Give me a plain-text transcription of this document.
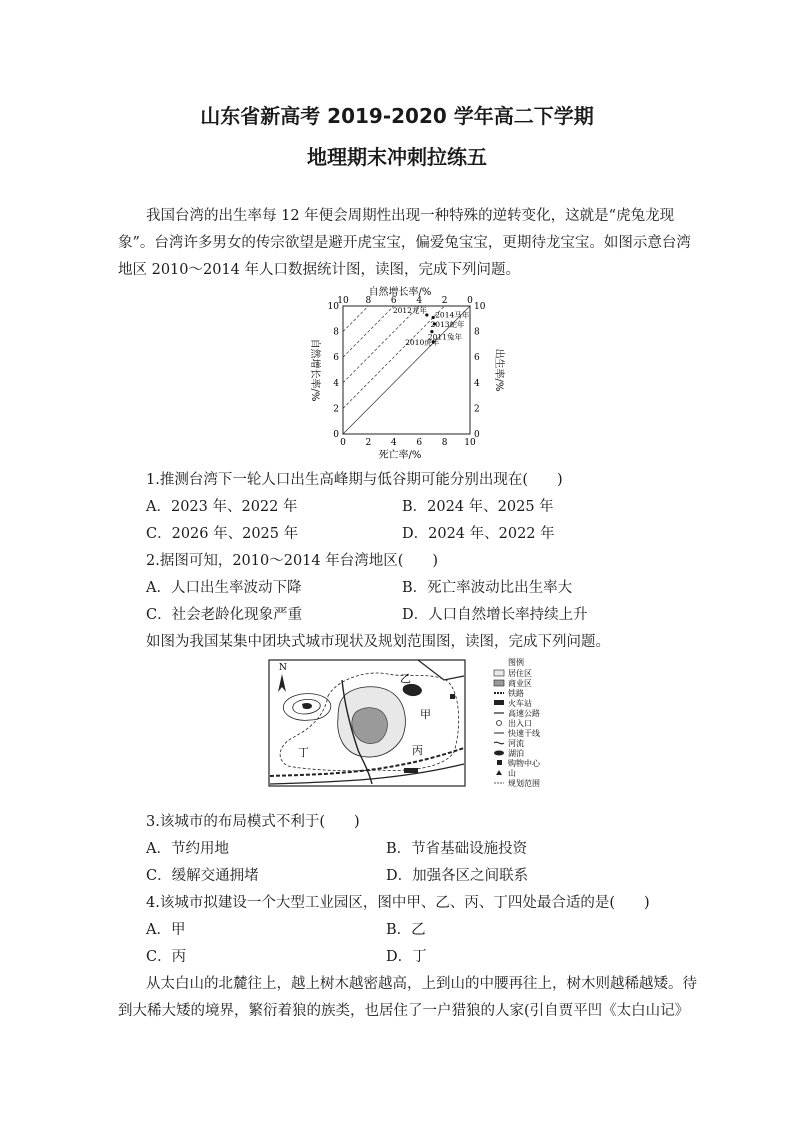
山东省新高考 2019-2020 学年高二下学期
地理期末冲刺拉练五
我国台湾的出生率每 12 年便会周期性出现一种特殊的逆转变化，这就是“虎兔龙现
象”。台湾许多男女的传宗欲望是避开虎宝宝，偏爱兔宝宝，更期待龙宝宝。如图示意台湾
地区 2010～2014 年人口数据统计图，读图，完成下列问题。
自然增长率/%
死亡率/%
自然增长率/%	出生率/%
0 2 4 6 8 10
10 8 6 4 2 0
10
8
6
4
2
0
10
8
6
4
2
0
2010虎年
2011兔年
2012龙年
2013蛇年
2014马年
1.推测台湾下一轮人口出生高峰期与低谷期可能分别出现在(　　)
A．2023 年、2022 年	B．2024 年、2025 年
C．2026 年、2025 年	D．2024 年、2022 年
2.据图可知，2010～2014 年台湾地区(　　)
A．人口出生率波动下降	B．死亡率波动比出生率大
C．社会老龄化现象严重	D．人口自然增长率持续上升
如图为我国某集中团块式城市现状及规划范围图，读图，完成下列问题。
N
乙
甲
丙
丁
图例
居住区
商业区
铁路
火车站
高速公路
出入口
快速干线
河流
湖泊
购物中心
山
规划范围
3.该城市的布局模式不利于(　　)
A．节约用地	B．节省基础设施投资
C．缓解交通拥堵	D．加强各区之间联系
4.该城市拟建设一个大型工业园区，图中甲、乙、丙、丁四处最合适的是(　　)
A．甲	B．乙
C．丙	D．丁
从太白山的北麓往上，越上树木越密越高，上到山的中腰再往上，树木则越稀越矮。待
到大稀大矮的境界，繁衍着狼的族类，也居住了一户猎狼的人家(引自贾平凹《太白山记》
